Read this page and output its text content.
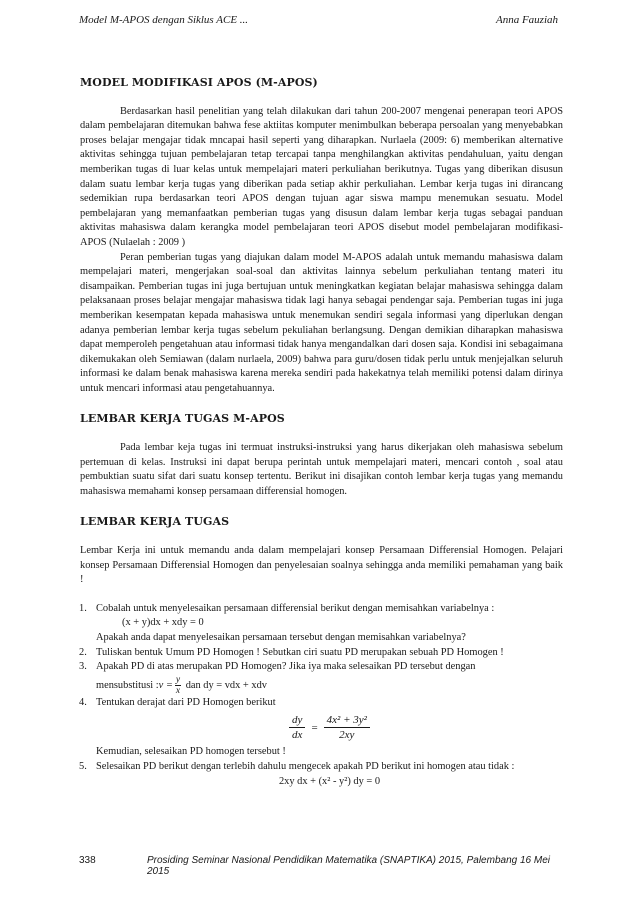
Model M-APOS dengan Siklus ACE ...	Anna Fauziah
MODEL MODIFIKASI APOS (M-APOS)

Berdasarkan hasil penelitian yang telah dilakukan dari tahun 200-2007 mengenai penerapan teori APOS dalam pembelajaran ditemukan bahwa fese aktiitas komputer menimbulkan beberapa persoalan yang menyebabkan proses belajar mengajar tidak mncapai hasil seperti yang diharapkan. Nurlaela (2009: 6) memberikan alternative aktivitas sehingga tujuan pembelajaran tetap tercapai tanpa menghilangkan aktivitas pendahuluan, yaitu dengan memberikan tugas di luar kelas untuk mempelajari materi perkuliahan berikutnya. Tugas yang diberikan disusun dalam suatu lembar kerja tugas yang diberikan pada setiap akhir perkuliahan. Lembar kerja tugas ini dirancang sedemikian rupa berdasarkan teori APOS dengan tujuan agar siswa mampu menemukan sesuatu. Model pembelajaran yang memanfaatkan pemberian tugas yang disusun dalam lembar kerja tugas sebagai panduan aktivitas mahasiswa dalam kerangka model pembelajaran teori APOS disebut model pembelajaran modifikasi-APOS (Nulaelah : 2009 )

Peran pemberian tugas yang diajukan dalam model M-APOS adalah untuk memandu mahasiswa dalam mempelajari materi, mengerjakan soal-soal dan aktivitas lainnya sebelum perkuliahan tentang materi itu disampaikan. Pemberian tugas ini juga bertujuan untuk meningkatkan kegiatan belajar mahasiswa sehingga dalam pelaksanaan proses belajar mengajar mahasiswa tidak lagi hanya sebagai pendengar saja. Pemberian tugas ini juga memberikan kesempatan kepada mahasiswa untuk menemukan sendiri segala informasi yang diperlukan dengan adanya pemberian lembar kerja tugas sebelum pekuliahan berlangsung. Dengan demikian diharapkan mahasiswa dapat memperoleh pengetahuan atau informasi tidak hanya mengandalkan dari dosen saja. Kondisi ini sebagaimana dikemukakan oleh Semiawan (dalam nurlaela, 2009) bahwa para guru/dosen tidak perlu untuk menjejalkan seluruh informasi ke dalam benak mahasiswa karena mereka sendiri pada hakekatnya telah memiliki potensi dalam dirinya untuk mencari informasi atau pengetahuannya.

LEMBAR KERJA TUGAS M-APOS

Pada lembar keja tugas ini termuat instruksi-instruksi yang harus dikerjakan oleh mahasiswa sebelum pertemuan di kelas. Instruksi ini dapat berupa perintah untuk mempelajari materi, mencari contoh , soal atau pembuktian suatu sifat dari suatu konsep tertentu. Berikut ini disajikan contoh lembar kerja tugas yang memandu mahasiswa memahami konsep persamaan differensial homogen.

LEMBAR KERJA TUGAS

Lembar Kerja ini untuk memandu anda dalam mempelajari konsep Persamaan Differensial Homogen. Pelajari konsep Persamaan Differensial Homogen dan penyelesaian soalnya sehingga anda memiliki pemahaman yang baik !

1. Cobalah untuk menyelesaikan persamaan differensial berikut dengan memisahkan variabelnya :
(x + y)dx + xdy = 0
Apakah anda dapat menyelesaikan persamaan tersebut dengan memisahkan variabelnya?
2. Tuliskan bentuk Umum PD Homogen ! Sebutkan ciri suatu PD merupakan sebuah PD Homogen !
3. Apakah PD di atas merupakan PD Homogen? Jika iya maka selesaikan PD tersebut dengan
mensubstitusi :v = $\frac{y}{x}$ dan dy = vdx + xdv
4. Tentukan derajat dari PD Homogen berikut
$\frac{dy}{dx} = \frac{\text{4x² + 3y²}}{2xy}$
Kemudian, selesaikan PD homogen tersebut !
5. Selesaikan PD berikut dengan terlebih dahulu mengecek apakah PD berikut ini homogen atau tidak :
2xy dx + (x² - y²) dy = 0
338	Prosiding Seminar Nasional Pendidikan Matematika (SNAPTIKA) 2015, Palembang 16 Mei 2015
